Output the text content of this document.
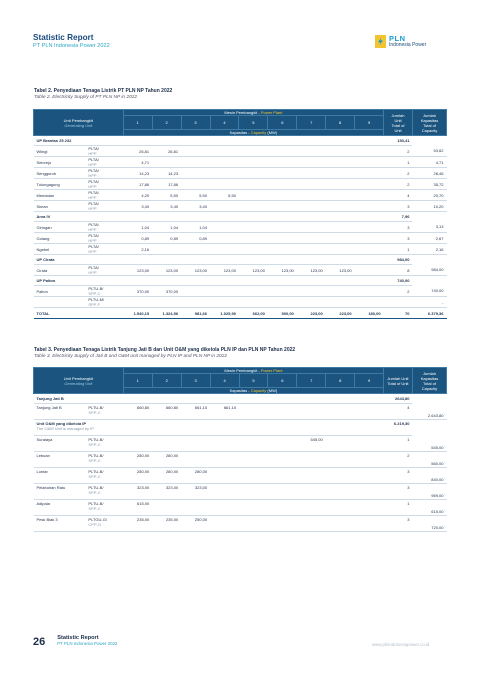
Statistic Report
PT PLN Indonesia Power 2022
PLN
Indonesia Power
Tabel 2. Penyediaan Tenaga Listrik PT PLN NP Tahun 2022
Table 2. Electricity Supply of PT PLN NP in 2022
Unit Pembangkit
Generating Unit		Mesin Pembangkit - Power Plant									Jumlah
Unit
Total of
Unit	Jumlah
Kapasitas
Total of
Capacity

		1	2	3	4	5	6	7	8	9		
		Kapasitas - Capacity (MW)										
UP Brantas 25 232											153,41	
Wlingi	PLTA/
HPP	26,81	26,81								2	53,62
Selorejo	PLTA/
HPP	4,71									1	4,71
Sengguruh	PLTA/
HPP	14,23	14,23								2	28,46
Tulungagung	PLTA/
HPP	17,86	17,86								2	35,72
Mendalan	PLTA/
HPP	4,20	5,50	5,50	5,50						4	20,70
Siman	PLTA/
HPP	3,40	3,40	3,40							3	10,20
Area IV											7,96	
Giringan	PLTA/
HPP	1,04	1,04	1,04							3	3,13
Golang	PLTA/
HPP	0,89	0,89	0,89							3	2,67
Ngebel	PLTA/
HPP	2,16									1	2,16
UP Cirata											984,00	
Cirata	PLTA/
HPP	123,00	123,00	123,00	123,00	123,00	123,00	123,00	123,00		8	984,00
UP Paiton											740,00	
Paiton	PLTU-B/
SPP-C	370,00	370,00								2	740,00

	PLTU-M/
SPP-F											-
TOTAL		1.540,15	1.324,56	981,66	1.025,90	662,00	500,00	223,00	223,00	180,00	70	6.379,36
Tabel 3. Penyediaan Tenaga Listrik Tanjung Jati B dan Unit O&M yang dikelola PLN IP dan PLN NP Tahun 2022
Table 3. Electricity Supply of Jati B and O&M unit managed by PLN IP and PLN NP in 2022
Unit Pembangkit
Generating Unit		Mesin Pembangkit - Power Plant									Jumlah Unit
Total of Unit	Jumlah
Kapasitas
Total of
Capacity

		1	2	3	4	5	6	7	8	9		
		Kapasitas - Capacity (MW)										
Tanjung Jati B											2643,80	
Tanjung Jati B	PLTU-B/
SPP-C	660,80	660,80	661,10	661,10						4	2.643,80
Unit O&M yang dikelola IP
The O&M Unit is managed by IP											6.219,30	
Suralaya	PLTU-B/
SPP-C							545,00			1	545,00
Lebuan	PLTU-B/
SPP-C	280,00	280,00								2	560,00
Lontar	PLTU-B/
SPP-C	280,00	280,00	280,00							3	840,00
Pelabuhan Ratu	PLTU-B/
SPP-C	323,00	323,00	323,00							3	969,00
Adipala	PLTU-B/
SPP-C	615,00									1	615,00
Pesk Biak 3	PLTGU-G/
CPP-G	235,00	235,00	250,00							3	720,00
26 Statistic Report
PT PLN Indonesia Power 2022	www.plnindonesiapower.co.id
